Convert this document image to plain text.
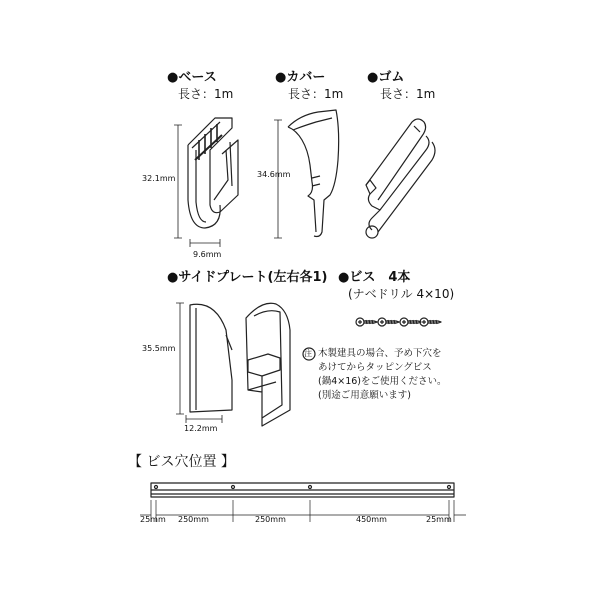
●ベース
長さ：1m
32.1mm
9.6mm
●カバー
長さ：1m
34.6mm
●ゴム
長さ：1m
●サイドプレート(左右各1)
35.5mm
12.2mm
●ビス　4本
(ナベドリル 4×10)
注 木製建具の場合、予め下穴を
あけてからタッピングビス
(鍋4×16)をご使用ください。
(別途ご用意願います)
【 ビス穴位置 】
25mm 250mm	250mm	450mm	25mm
